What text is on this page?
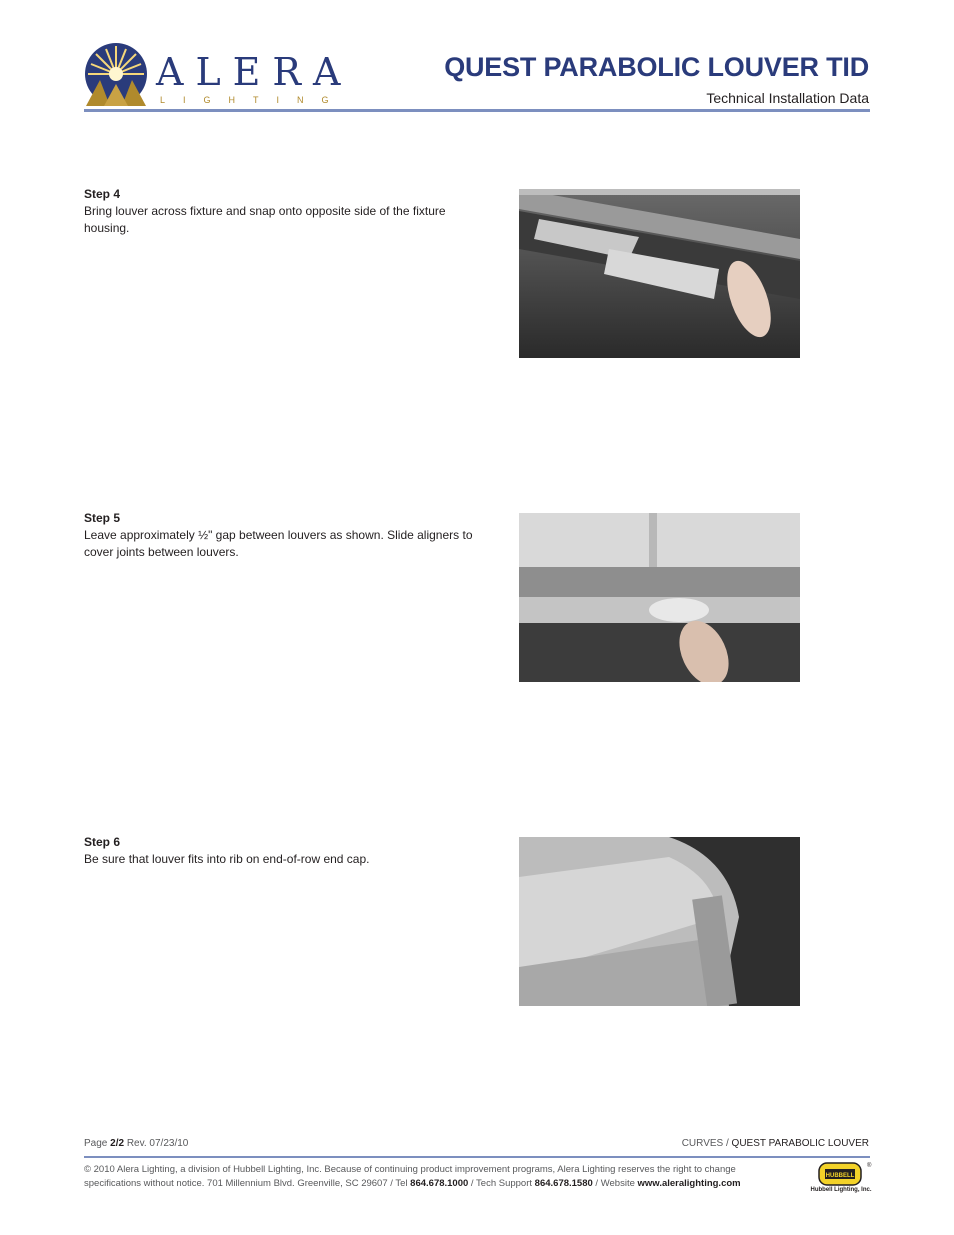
ALERA
LIGHTING
QUEST PARABOLIC LOUVER TID
Technical Installation Data
Step 4
Bring louver across fixture and snap onto opposite side of the fixture housing.
Step 5
Leave approximately ½" gap between louvers as shown. Slide aligners to cover joints between louvers.
Step 6
Be sure that louver fits into rib on end-of-row end cap.
Page 2/2 Rev. 07/23/10	CURVES / QUEST PARABOLIC LOUVER
© 2010 Alera Lighting, a division of Hubbell Lighting, Inc. Because of continuing product improvement programs, Alera Lighting reserves the right to change specifications without notice. 701 Millennium Blvd. Greenville, SC 29607 / Tel 864.678.1000 / Tech Support 864.678.1580 / Website www.aleralighting.com
HUBBELL
®
Hubbell Lighting, Inc.
